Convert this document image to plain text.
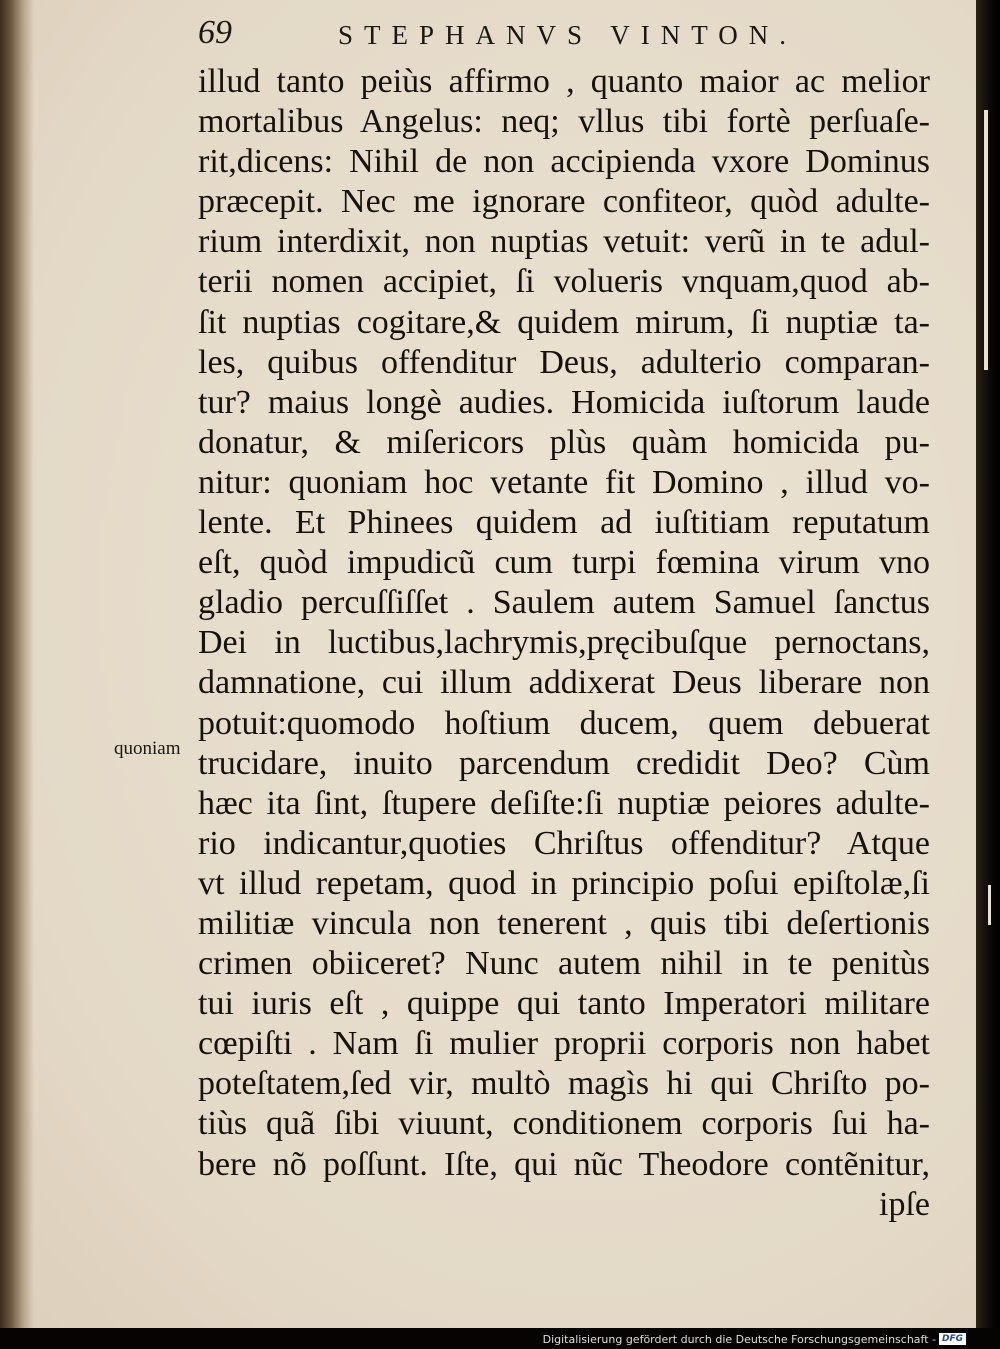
69	STEPHANVS VINTON.
quoniam
illud tanto peiùs affirmo , quanto maior ac melior
mortalibus Angelus: neq; vllus tibi fortè perſuaſe-
rit,dicens: Nihil de non accipienda vxore Dominus
præcepit. Nec me ignorare confiteor, quòd adulte-
rium interdixit, non nuptias vetuit: verũ in te adul-
terii nomen accipiet, ſi volueris vnquam,quod ab-
ſit nuptias cogitare,& quidem mirum, ſi nuptiæ ta-
les, quibus offenditur Deus, adulterio comparan-
tur? maius longè audies. Homicida iuſtorum laude
donatur, & miſericors plùs quàm homicida pu-
nitur: quoniam hoc vetante fit Domino , illud vo-
lente. Et Phinees quidem ad iuſtitiam reputatum
eſt, quòd impudicũ cum turpi fœmina virum vno
gladio percuſſiſſet . Saulem autem Samuel ſanctus
Dei in luctibus,lachrymis,pręcibuſque pernoctans,
damnatione, cui illum addixerat Deus liberare non
potuit:quomodo hoſtium ducem, quem debuerat
trucidare, inuito parcendum credidit Deo? Cùm
hæc ita ſint, ſtupere deſiſte:ſi nuptiæ peiores adulte-
rio indicantur,quoties Chriſtus offenditur? Atque
vt illud repetam, quod in principio poſui epiſtolæ,ſi
militiæ vincula non tenerent , quis tibi deſertionis
crimen obiiceret? Nunc autem nihil in te penitùs
tui iuris eſt , quippe qui tanto Imperatori militare
cœpiſti . Nam ſi mulier proprii corporis non habet
poteſtatem,ſed vir, multò magìs hi qui Chriſto po-
tiùs quã ſibi viuunt, conditionem corporis ſui ha-
bere nõ poſſunt. Iſte, qui nũc Theodore contẽnitur,
ipſe
Digitalisierung gefördert durch die Deutsche Forschungsgemeinschaft - DFG
